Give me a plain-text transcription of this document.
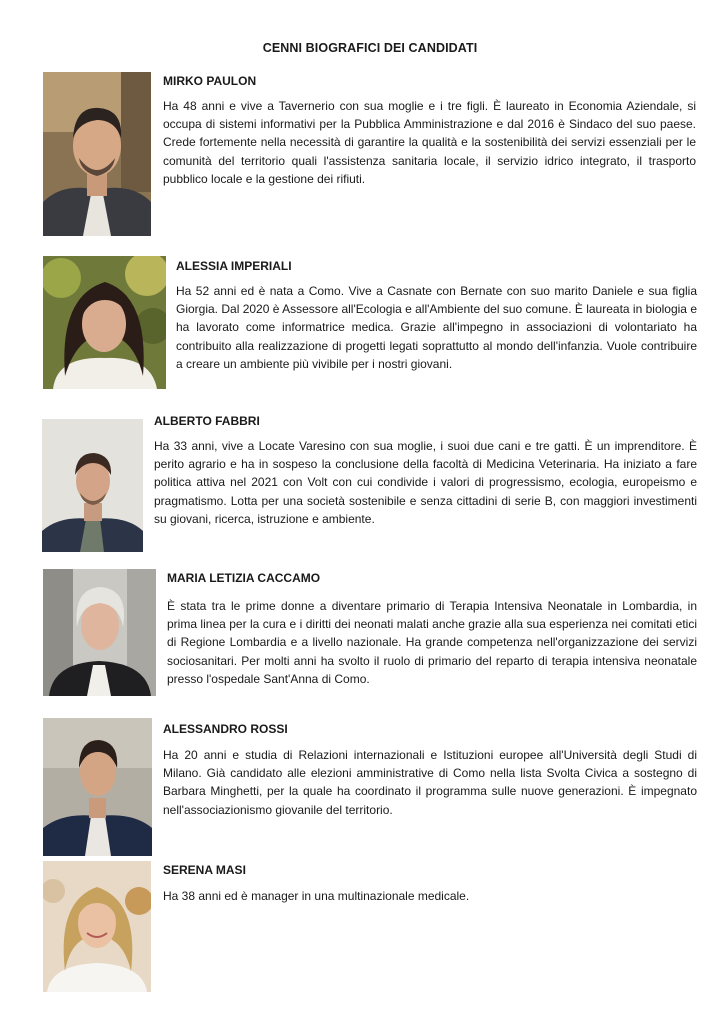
CENNI BIOGRAFICI DEI CANDIDATI
MIRKO PAULON
Ha 48 anni e vive a Tavernerio con sua moglie e i tre figli. È laureato in Economia Aziendale, si occupa di sistemi informativi per la Pubblica Amministrazione e dal 2016 è Sindaco del suo paese. Crede fortemente nella necessità di garantire la qualità e la sostenibilità dei servizi essenziali per le comunità del territorio quali l'assistenza sanitaria locale, il servizio idrico integrato, il trasporto pubblico locale e la gestione dei rifiuti.
ALESSIA IMPERIALI
Ha 52 anni ed è nata a Como. Vive a Casnate con Bernate con suo marito Daniele e sua figlia Giorgia. Dal 2020 è Assessore all'Ecologia e all'Ambiente del suo comune. È laureata in biologia e ha lavorato come informatrice medica. Grazie all'impegno in associazioni di volontariato ha contribuito alla realizzazione di progetti legati soprattutto al mondo dell'infanzia. Vuole contribuire a creare un ambiente più vivibile per i nostri giovani.
ALBERTO FABBRI
Ha 33 anni, vive a Locate Varesino con sua moglie, i suoi due cani e tre gatti. È un imprenditore. È perito agrario e ha in sospeso la conclusione della facoltà di Medicina Veterinaria. Ha iniziato a fare politica attiva nel 2021 con Volt con cui condivide i valori di progressismo, ecologia, europeismo e pragmatismo. Lotta per una società sostenibile e senza cittadini di serie B, con maggiori investimenti su giovani, ricerca, istruzione e ambiente.
MARIA LETIZIA CACCAMO
È stata tra le prime donne a diventare primario di Terapia Intensiva Neonatale in Lombardia, in prima linea per la cura e i diritti dei neonati malati anche grazie alla sua esperienza nei comitati etici di Regione Lombardia e a livello nazionale. Ha grande competenza nell'organizzazione dei servizi sociosanitari. Per molti anni ha svolto il ruolo di primario del reparto di terapia intensiva neonatale presso l'ospedale Sant'Anna di Como.
ALESSANDRO ROSSI
Ha 20 anni e studia di Relazioni internazionali e Istituzioni europee all'Università degli Studi di Milano. Già candidato alle elezioni amministrative di Como nella lista Svolta Civica a sostegno di Barbara Minghetti, per la quale ha coordinato il programma sulle nuove generazioni. È impegnato nell'associazionismo giovanile del territorio.
SERENA MASI
Ha 38 anni ed è manager in una multinazionale medicale.
